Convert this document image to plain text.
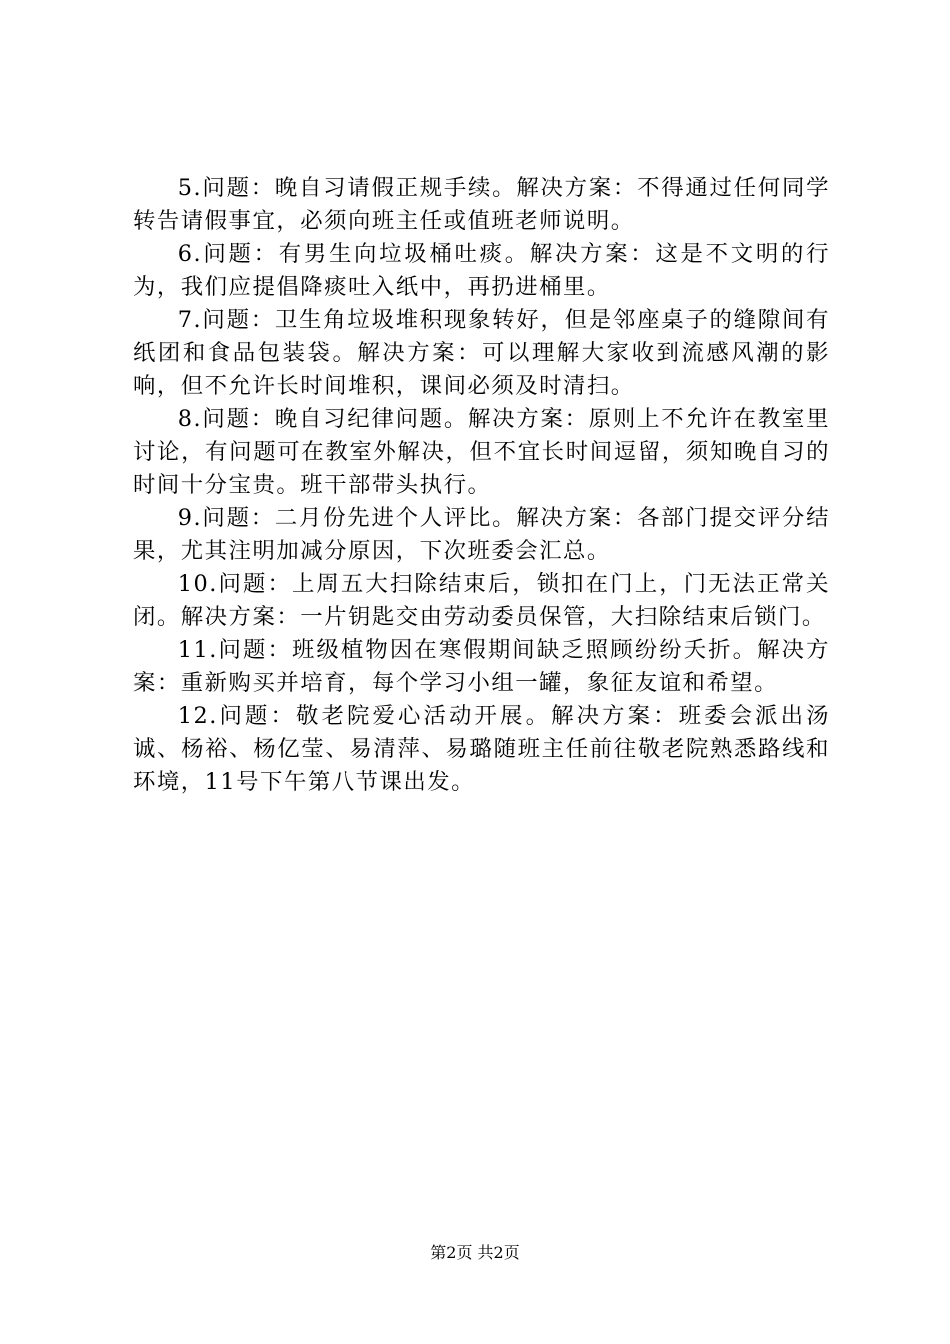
5.问题：晚自习请假正规手续。解决方案：不得通过任何同学转告请假事宜，必须向班主任或值班老师说明。

6.问题：有男生向垃圾桶吐痰。解决方案：这是不文明的行为，我们应提倡降痰吐入纸中，再扔进桶里。

7.问题：卫生角垃圾堆积现象转好，但是邻座桌子的缝隙间有纸团和食品包装袋。解决方案：可以理解大家收到流感风潮的影响，但不允许长时间堆积，课间必须及时清扫。

8.问题：晚自习纪律问题。解决方案：原则上不允许在教室里讨论，有问题可在教室外解决，但不宜长时间逗留，须知晚自习的时间十分宝贵。班干部带头执行。

9.问题：二月份先进个人评比。解决方案：各部门提交评分结果，尤其注明加减分原因，下次班委会汇总。

10.问题：上周五大扫除结束后，锁扣在门上，门无法正常关闭。解决方案：一片钥匙交由劳动委员保管，大扫除结束后锁门。

11.问题：班级植物因在寒假期间缺乏照顾纷纷夭折。解决方案：重新购买并培育，每个学习小组一罐，象征友谊和希望。

12.问题：敬老院爱心活动开展。解决方案：班委会派出汤诚、杨裕、杨亿莹、易清萍、易璐随班主任前往敬老院熟悉路线和环境，11号下午第八节课出发。

第2页 共2页
